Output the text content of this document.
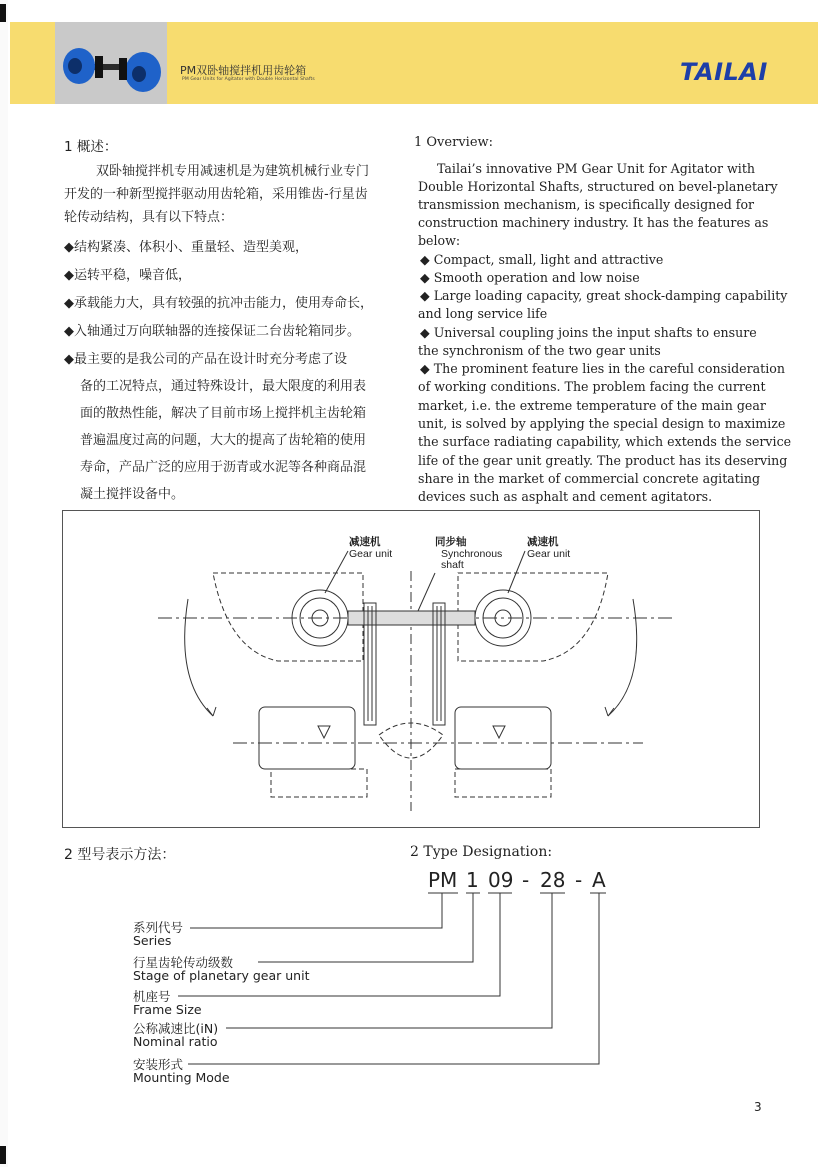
PM双卧轴搅拌机用齿轮箱
PM Gear Units for Agitator with Double Horizontal Shafts	TAILAI
1 概述：
双卧轴搅拌机专用减速机是为建筑机械行业专门
开发的一种新型搅拌驱动用齿轮箱，采用锥齿-行星齿
轮传动结构，具有以下特点：
◆结构紧凑、体积小、重量轻、造型美观，
◆运转平稳，噪音低，
◆承载能力大，具有较强的抗冲击能力，使用寿命长，
◆入轴通过万向联轴器的连接保证二台齿轮箱同步。
◆最主要的是我公司的产品在设计时充分考虑了设
备的工况特点，通过特殊设计，最大限度的利用表
面的散热性能，解决了目前市场上搅拌机主齿轮箱
普遍温度过高的问题，大大的提高了齿轮箱的使用
寿命，产品广泛的应用于沥青或水泥等各种商品混
凝土搅拌设备中。
1 Overview:
Tailai’s innovative PM Gear Unit for Agitator with
Double Horizontal Shafts, structured on bevel-planetary
transmission mechanism, is specifically designed for
construction machinery industry. It has the features as
below:
◆ Compact, small, light and attractive
◆ Smooth operation and low noise
◆ Large loading capacity, great shock-damping capability
and long service life
◆ Universal coupling joins the input shafts to ensure
the synchronism of the two gear units
◆ The prominent feature lies in the careful consideration
of working conditions. The problem facing the current
market, i.e. the extreme temperature of the main gear
unit, is solved by applying the special design to maximize
the surface radiating capability, which extends the service
life of the gear unit greatly. The product has its deserving
share in the market of commercial concrete agitating
devices such as asphalt and cement agitators.
减速机
Gear unit
同步轴
Synchronous
shaft
减速机
Gear unit
2 型号表示方法：	2 Type Designation:
PM 1 09 - 28 - A
系列代号
Series
行星齿轮传动级数
Stage of planetary gear unit
机座号
Frame Size
公称减速比(iN)
Nominal ratio
安装形式
Mounting Mode
3
